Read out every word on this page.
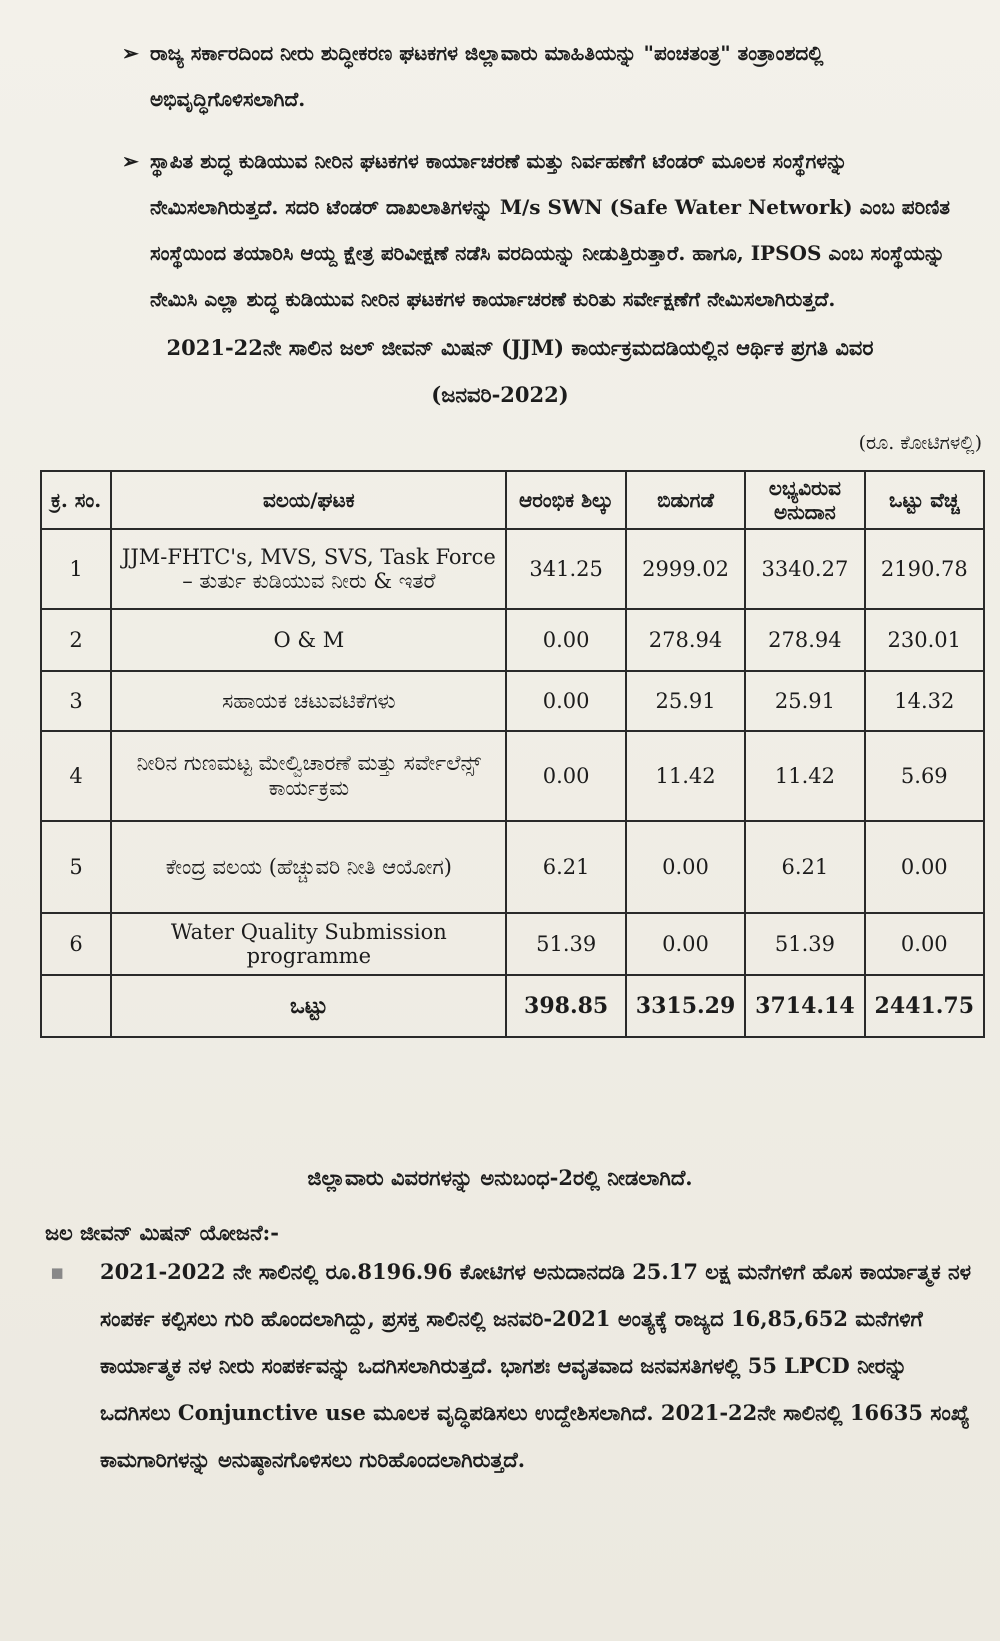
➢ ರಾಜ್ಯ ಸರ್ಕಾರದಿಂದ ನೀರು ಶುದ್ಧೀಕರಣ ಘಟಕಗಳ ಜಿಲ್ಲಾವಾರು ಮಾಹಿತಿಯನ್ನು "ಪಂಚತಂತ್ರ" ತಂತ್ರಾಂಶದಲ್ಲಿ ಅಭಿವೃದ್ಧಿಗೊಳಿಸಲಾಗಿದೆ.
➢ ಸ್ಥಾಪಿತ ಶುದ್ಧ ಕುಡಿಯುವ ನೀರಿನ ಘಟಕಗಳ ಕಾರ್ಯಾಚರಣೆ ಮತ್ತು ನಿರ್ವಹಣೆಗೆ ಟೆಂಡರ್ ಮೂಲಕ ಸಂಸ್ಥೆಗಳನ್ನು ನೇಮಿಸಲಾಗಿರುತ್ತದೆ. ಸದರಿ ಟೆಂಡರ್ ದಾಖಲಾತಿಗಳನ್ನು M/s SWN (Safe Water Network) ಎಂಬ ಪರಿಣಿತ ಸಂಸ್ಥೆಯಿಂದ ತಯಾರಿಸಿ ಆಯ್ದ ಕ್ಷೇತ್ರ ಪರಿವೀಕ್ಷಣೆ ನಡೆಸಿ ವರದಿಯನ್ನು ನೀಡುತ್ತಿರುತ್ತಾರೆ. ಹಾಗೂ, IPSOS ಎಂಬ ಸಂಸ್ಥೆಯನ್ನು ನೇಮಿಸಿ ಎಲ್ಲಾ ಶುದ್ಧ ಕುಡಿಯುವ ನೀರಿನ ಘಟಕಗಳ ಕಾರ್ಯಾಚರಣೆ ಕುರಿತು ಸರ್ವೇಕ್ಷಣೆಗೆ ನೇಮಿಸಲಾಗಿರುತ್ತದೆ.
2021-22ನೇ ಸಾಲಿನ ಜಲ್ ಜೀವನ್ ಮಿಷನ್ (JJM) ಕಾರ್ಯಕ್ರಮದಡಿಯಲ್ಲಿನ ಆರ್ಥಿಕ ಪ್ರಗತಿ ವಿವರ
(ಜನವರಿ-2022)
(ರೂ. ಕೋಟಿಗಳಲ್ಲಿ)
ಕ್ರ. ಸಂ.	ವಲಯ/ಘಟಕ	ಆರಂಭಿಕ ಶಿಲ್ಕು	ಬಿಡುಗಡೆ	ಲಭ್ಯವಿರುವ ಅನುದಾನ	ಒಟ್ಟು ವೆಚ್ಚ
1	JJM-FHTC's, MVS, SVS, Task Force – ತುರ್ತು ಕುಡಿಯುವ ನೀರು & ಇತರೆ	341.25	2999.02	3340.27	2190.78
2	O & M	0.00	278.94	278.94	230.01
3	ಸಹಾಯಕ ಚಟುವಟಿಕೆಗಳು	0.00	25.91	25.91	14.32
4	ನೀರಿನ ಗುಣಮಟ್ಟ ಮೇಲ್ವಿಚಾರಣೆ ಮತ್ತು ಸರ್ವೇಲೆನ್ಸ್ ಕಾರ್ಯಕ್ರಮ	0.00	11.42	11.42	5.69
5	ಕೇಂದ್ರ ವಲಯ (ಹೆಚ್ಚುವರಿ ನೀತಿ ಆಯೋಗ)	6.21	0.00	6.21	0.00
6	Water Quality Submission programme	51.39	0.00	51.39	0.00
	ಒಟ್ಟು	398.85	3315.29	3714.14	2441.75
ಜಿಲ್ಲಾವಾರು ವಿವರಗಳನ್ನು ಅನುಬಂಧ-2ರಲ್ಲಿ ನೀಡಲಾಗಿದೆ.
ಜಲ ಜೀವನ್ ಮಿಷನ್ ಯೋಜನೆ:-
▪ 2021-2022 ನೇ ಸಾಲಿನಲ್ಲಿ ರೂ.8196.96 ಕೋಟಿಗಳ ಅನುದಾನದಡಿ 25.17 ಲಕ್ಷ ಮನೆಗಳಿಗೆ ಹೊಸ ಕಾರ್ಯಾತ್ಮಕ ನಳ ಸಂಪರ್ಕ ಕಲ್ಪಿಸಲು ಗುರಿ ಹೊಂದಲಾಗಿದ್ದು, ಪ್ರಸಕ್ತ ಸಾಲಿನಲ್ಲಿ ಜನವರಿ-2021 ಅಂತ್ಯಕ್ಕೆ ರಾಜ್ಯದ 16,85,652 ಮನೆಗಳಿಗೆ ಕಾರ್ಯಾತ್ಮಕ ನಳ ನೀರು ಸಂಪರ್ಕವನ್ನು ಒದಗಿಸಲಾಗಿರುತ್ತದೆ. ಭಾಗಶಃ ಆವೃತವಾದ ಜನವಸತಿಗಳಲ್ಲಿ 55 LPCD ನೀರನ್ನು ಒದಗಿಸಲು Conjunctive use ಮೂಲಕ ವೃದ್ಧಿಪಡಿಸಲು ಉದ್ದೇಶಿಸಲಾಗಿದೆ. 2021-22ನೇ ಸಾಲಿನಲ್ಲಿ 16635 ಸಂಖ್ಯೆ ಕಾಮಗಾರಿಗಳನ್ನು ಅನುಷ್ಠಾನಗೊಳಿಸಲು ಗುರಿಹೊಂದಲಾಗಿರುತ್ತದೆ.
